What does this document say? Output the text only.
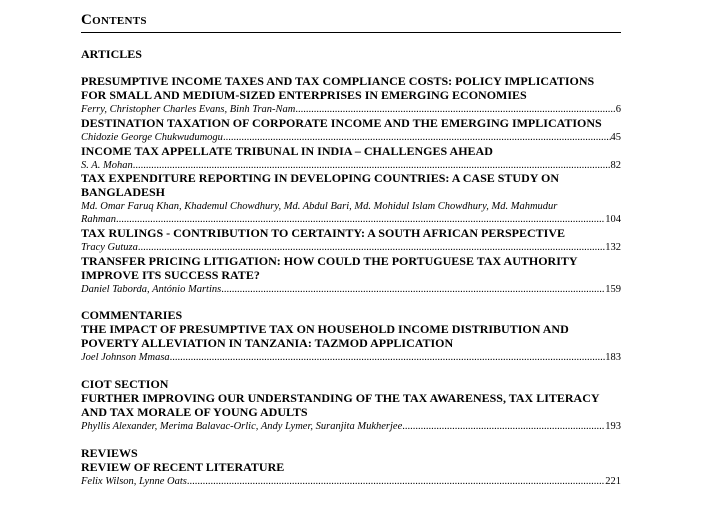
Contents
ARTICLES
PRESUMPTIVE INCOME TAXES AND TAX COMPLIANCE COSTS: POLICY IMPLICATIONS
FOR SMALL AND MEDIUM-SIZED ENTERPRISES IN EMERGING ECONOMIES
Ferry, Christopher Charles Evans, Binh Tran-Nam .....	6
DESTINATION TAXATION OF CORPORATE INCOME AND THE EMERGING IMPLICATIONS
Chidozie George Chukwudumogu .....	45
INCOME TAX APPELLATE TRIBUNAL IN INDIA – CHALLENGES AHEAD
S. A. Mohan .....	82
TAX EXPENDITURE REPORTING IN DEVELOPING COUNTRIES: A CASE STUDY ON
BANGLADESH
Md. Omar Faruq Khan, Khademul Chowdhury, Md. Abdul Bari, Md. Mohidul Islam Chowdhury, Md. Mahmudur
Rahman .....	104
TAX RULINGS - CONTRIBUTION TO CERTAINTY: A SOUTH AFRICAN PERSPECTIVE
Tracy Gutuza .....	132
TRANSFER PRICING LITIGATION: HOW COULD THE PORTUGUESE TAX AUTHORITY
IMPROVE ITS SUCCESS RATE?
Daniel Taborda, António Martins .....	159
COMMENTARIES
THE IMPACT OF PRESUMPTIVE TAX ON HOUSEHOLD INCOME DISTRIBUTION AND
POVERTY ALLEVIATION IN TANZANIA: TAZMOD APPLICATION
Joel Johnson Mmasa .....	183
CIOT SECTION
FURTHER IMPROVING OUR UNDERSTANDING OF THE TAX AWARENESS, TAX LITERACY
AND TAX MORALE OF YOUNG ADULTS
Phyllis Alexander, Merima Balavac-Orlic, Andy Lymer, Suranjita Mukherjee .....	193
REVIEWS
REVIEW OF RECENT LITERATURE
Felix Wilson, Lynne Oats .....	221
